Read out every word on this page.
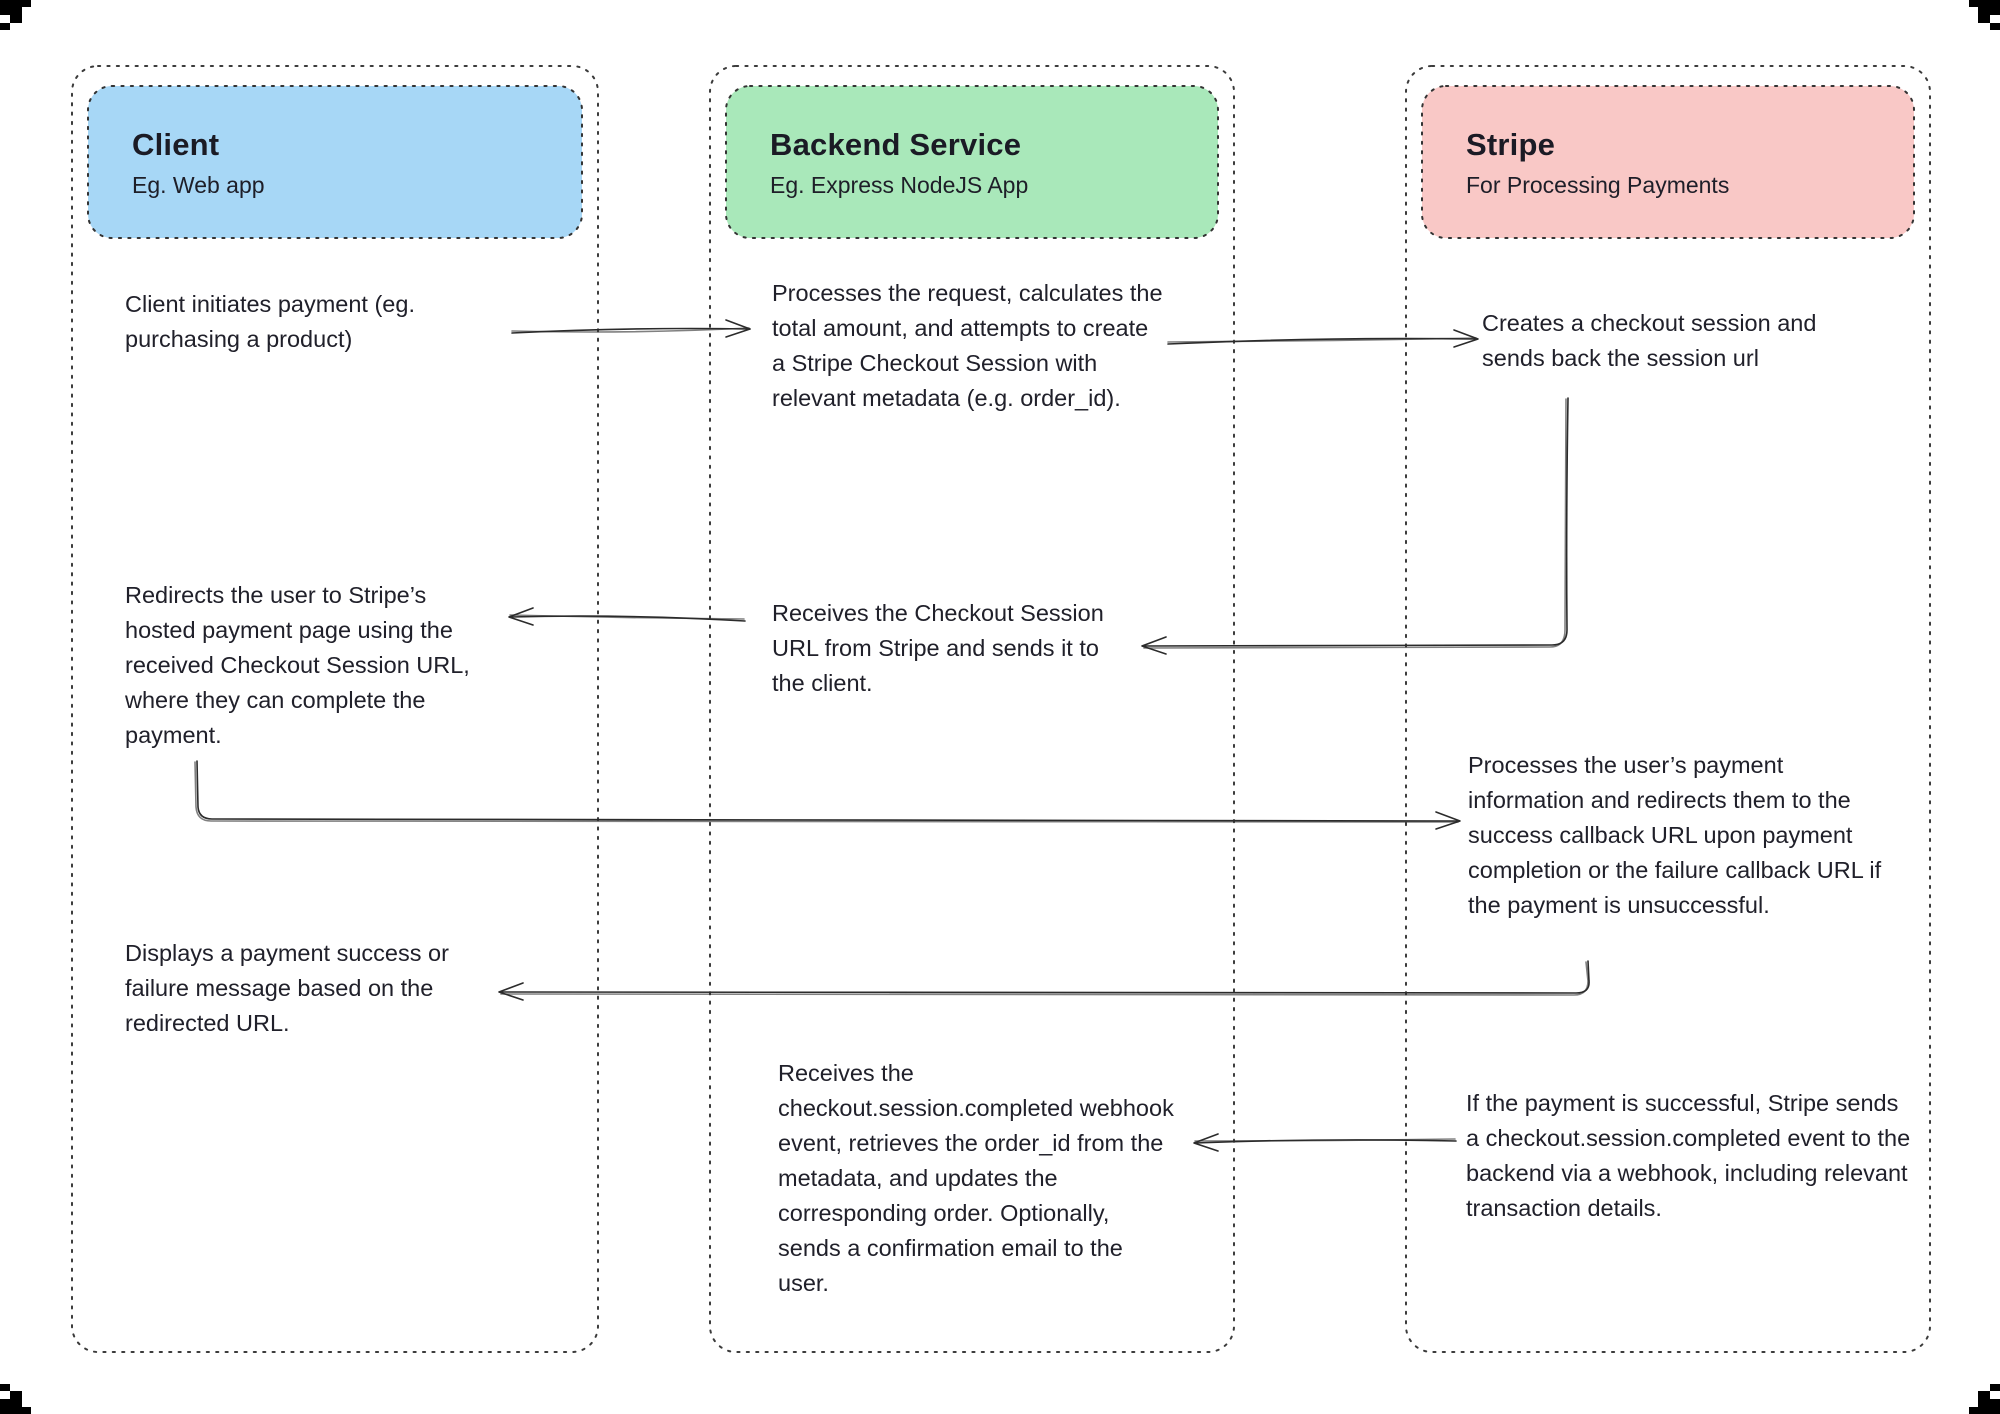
Client
Eg. Web app
Backend Service
Eg. Express NodeJS App
Stripe
For Processing Payments
Client initiates payment (eg. purchasing a product)
Redirects the user to Stripe’s hosted payment page using the received Checkout Session URL, where they can complete the payment.
Displays a payment success or failure message based on the redirected URL.
Processes the request, calculates the total amount, and attempts to create a Stripe Checkout Session with relevant metadata (e.g. order_id).
Receives the Checkout Session URL from Stripe and sends it to the client.
Receives the checkout.session.completed webhook event, retrieves the order_id from the metadata, and updates the corresponding order. Optionally, sends a confirmation email to the user.
Creates a checkout session and sends back the session url
Processes the user’s payment information and redirects them to the success callback URL upon payment completion or the failure callback URL if the payment is unsuccessful.
If the payment is successful, Stripe sends a checkout.session.completed event to the backend via a webhook, including relevant transaction details.
